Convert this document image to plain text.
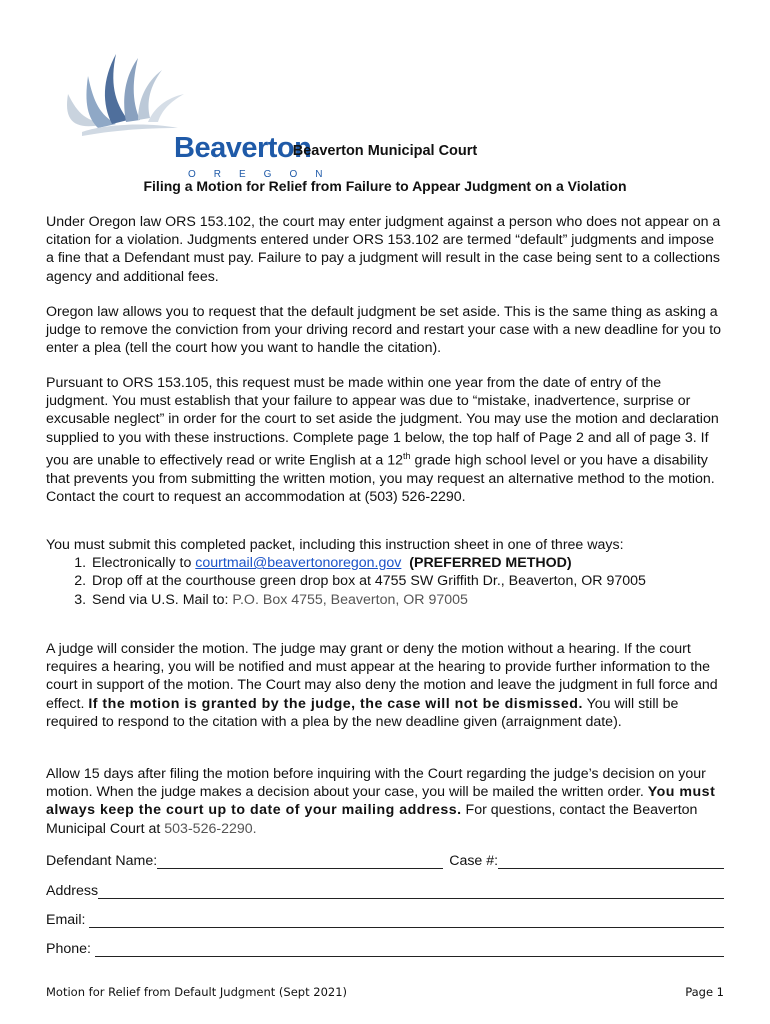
Beaverton
OREGON
Beaverton Municipal Court
Filing a Motion for Relief from Failure to Appear Judgment on a Violation

Under Oregon law ORS 153.102, the court may enter judgment against a person who does not appear on a citation for a violation. Judgments entered under ORS 153.102 are termed “default” judgments and impose a fine that a Defendant must pay. Failure to pay a judgment will result in the case being sent to a collections agency and additional fees.

Oregon law allows you to request that the default judgment be set aside. This is the same thing as asking a judge to remove the conviction from your driving record and restart your case with a new deadline for you to enter a plea (tell the court how you want to handle the citation).

Pursuant to ORS 153.105, this request must be made within one year from the date of entry of the judgment. You must establish that your failure to appear was due to “mistake, inadvertence, surprise or excusable neglect” in order for the court to set aside the judgment. You may use the motion and declaration supplied to you with these instructions. Complete page 1 below, the top half of Page 2 and all of page 3. If you are unable to effectively read or write English at a 12th grade high school level or you have a disability that prevents you from submitting the written motion, you may request an alternative method to the motion. Contact the court to request an accommodation at (503) 526-2290.

You must submit this completed packet, including this instruction sheet in one of three ways:

1. Electronically to courtmail@beavertonoregon.gov (PREFERRED METHOD)
2. Drop off at the courthouse green drop box at 4755 SW Griffith Dr., Beaverton, OR 97005
3. Send via U.S. Mail to: P.O. Box 4755, Beaverton, OR 97005

A judge will consider the motion. The judge may grant or deny the motion without a hearing. If the court requires a hearing, you will be notified and must appear at the hearing to provide further information to the court in support of the motion. The Court may also deny the motion and leave the judgment in full force and effect. If the motion is granted by the judge, the case will not be dismissed. You will still be required to respond to the citation with a plea by the new deadline given (arraignment date).

Allow 15 days after filing the motion before inquiring with the Court regarding the judge’s decision on your motion. When the judge makes a decision about your case, you will be mailed the written order. You must always keep the court up to date of your mailing address. For questions, contact the Beaverton Municipal Court at 503-526-2290.

Defendant Name:	Case #:
Address
Email:
Phone:
Motion for Relief from Default Judgment (Sept 2021)	Page 1
